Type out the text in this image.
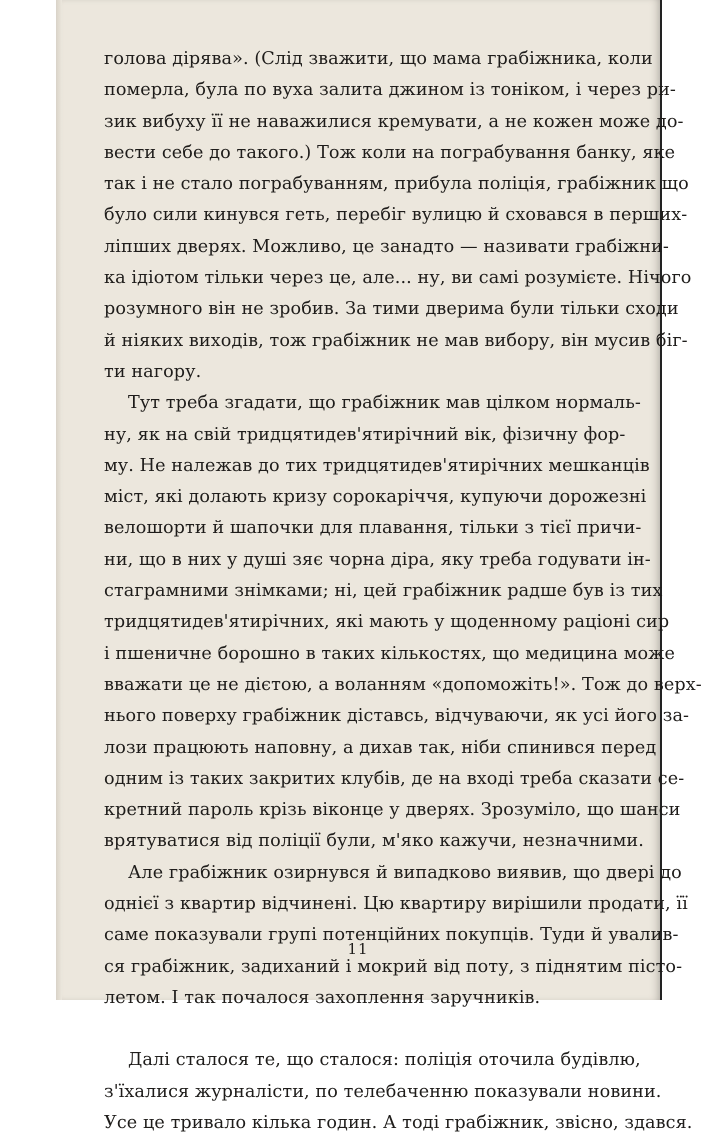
голова дірява». (Слід зважити, що мама грабіжника, коли
померла, була по вуха залита джином із тоніком, і через ри-
зик вибуху її не наважилися кремувати, а не кожен може до-
вести себе до такого.) Тож коли на пограбування банку, яке
так і не стало пограбуванням, прибула поліція, грабіжник що
було сили кинувся геть, перебіг вулицю й сховався в перших-
ліпших дверях. Можливо, це занадто — називати грабіжни-
ка ідіотом тільки через це, але... ну, ви самі розумієте. Нічого
розумного він не зробив. За тими дверима були тільки сходи
й ніяких виходів, тож грабіжник не мав вибору, він мусив біг-
ти нагору.
Тут треба згадати, що грабіжник мав цілком нормаль-
ну, як на свій тридцятидев'ятирічний вік, фізичну фор-
му. Не належав до тих тридцятидев'ятирічних мешканців
міст, які долають кризу сорокаріччя, купуючи дорожезні
велошорти й шапочки для плавання, тільки з тієї причи-
ни, що в них у душі зяє чорна діра, яку треба годувати ін-
стаграмними знімками; ні, цей грабіжник радше був із тих
тридцятидев'ятирічних, які мають у щоденному раціоні сир
і пшеничне борошно в таких кількостях, що медицина може
вважати це не дієтою, а воланням «допоможіть!». Тож до верх-
нього поверху грабіжник діставсь, відчуваючи, як усі його за-
лози працюють наповну, а дихав так, ніби спинився перед
одним із таких закритих клубів, де на вході треба сказати се-
кретний пароль крізь віконце у дверях. Зрозуміло, що шанси
врятуватися від поліції були, м'яко кажучи, незначними.
Але грабіжник озирнувся й випадково виявив, що двері до
однієї з квартир відчинені. Цю квартиру вирішили продати, її
саме показували групі потенційних покупців. Туди й увалив-
ся грабіжник, задиханий і мокрий від поту, з піднятим пісто-
летом. І так почалося захоплення заручників.
Далі сталося те, що сталося: поліція оточила будівлю,
з'їхалися журналісти, по телебаченню показували новини.
Усе це тривало кілька годин. А тоді грабіжник, звісно, здався.
11
